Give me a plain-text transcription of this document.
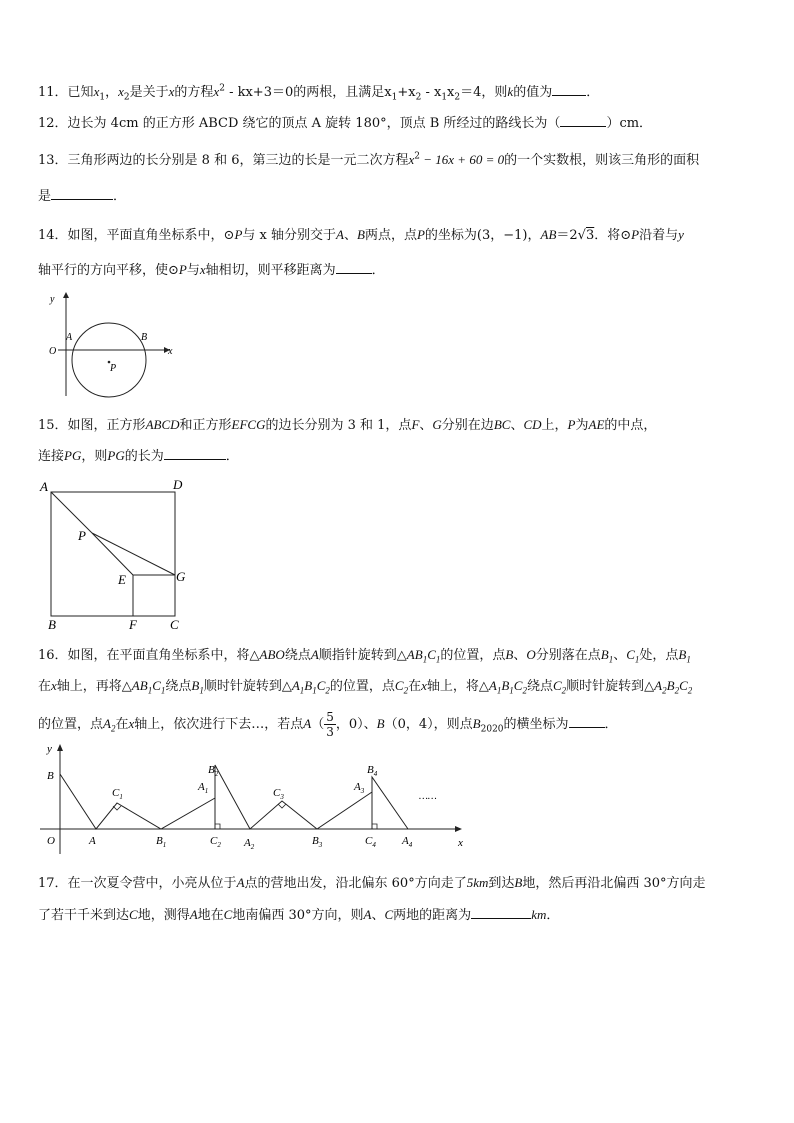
11．已知$x_1$，$x_2$是关于x的方程$x^2 - kx+3=0$的两根，且满足$x_1+x_2 - x_1x_2=4$，则k的值为	．
12．边长为 4cm 的正方形 ABCD 绕它的顶点 A 旋转 180°，顶点 B 所经过的路线长为（	）cm．
13．三角形两边的长分别是 8 和 6，第三边的长是一元二次方程$x^2 - 16x + 60 = 0$的一个实数根，则该三角形的面积
是	．
14．如图，平面直角坐标系中，⊙P与 x 轴分别交于A、B两点，点P的坐标为(3，−1)，AB＝2√3．将⊙P沿着与y
轴平行的方向平移，使⊙P与x轴相切，则平移距离为	．
y
x
O
A	B
P
15．如图，正方形ABCD和正方形EFCG的边长分别为 3 和 1，点F、G分别在边BC、CD上，P为AE的中点，
连接PG，则PG的长为	．
A	D
P
E	G
B	F	C
16．如图，在平面直角坐标系中，将△ABO绕点A顺指针旋转到$\triangle AB_1C_1$的位置，点B、O分别落在点$B_1$、$C_1$处，点$B_1$
在x轴上，再将$\triangle AB_1C_1$绕点$B_1$顺时针旋转到$\triangle A_1B_1C_2$的位置，点$C_2$在x轴上，将$\triangle A_1B_1C_2$绕点$C_2$顺时针旋转到$\triangle A_2B_2C_2$
的位置，点$A_2$在x轴上，依次进行下去…，若点$A( \frac{5}{3}$ ，0）、B（0，4），则点$B_{2020}$的横坐标为	．
y
x
O
B
A
$C_1$
$B_1$
$A_1$
$B_2$
$C_2$ $A_2$
$C_3$
$B_3$
$A_3$
$B_4$
$C_4$ $A_4$
……
17．在一次夏令营中，小亮从位于A点的营地出发，沿北偏东 60°方向走了5km到达B地，然后再沿北偏西 30°方向走
了若干千米到达C地，测得A地在C地南偏西 30°方向，则A、C两地的距离为	km．
